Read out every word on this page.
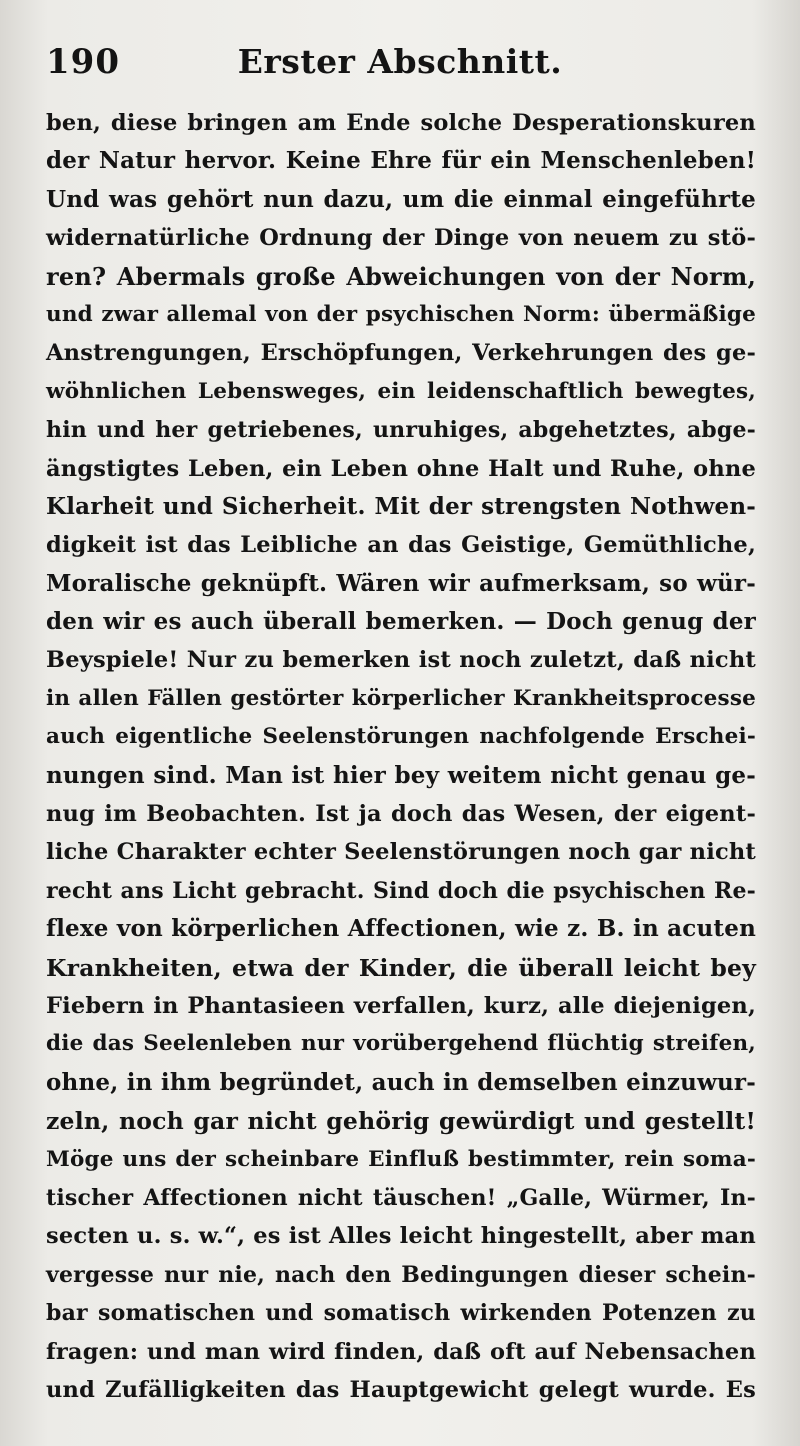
190	Erster Abschnitt.
ben, diese bringen am Ende solche Desperationskuren
der Natur hervor. Keine Ehre für ein Menschenleben!
Und was gehört nun dazu, um die einmal eingeführte
widernatürliche Ordnung der Dinge von neuem zu stö-
ren? Abermals große Abweichungen von der Norm,
und zwar allemal von der psychischen Norm: übermäßige
Anstrengungen, Erschöpfungen, Verkehrungen des ge-
wöhnlichen Lebensweges, ein leidenschaftlich bewegtes,
hin und her getriebenes, unruhiges, abgehetztes, abge-
ängstigtes Leben, ein Leben ohne Halt und Ruhe, ohne
Klarheit und Sicherheit. Mit der strengsten Nothwen-
digkeit ist das Leibliche an das Geistige, Gemüthliche,
Moralische geknüpft. Wären wir aufmerksam, so wür-
den wir es auch überall bemerken. — Doch genug der
Beyspiele! Nur zu bemerken ist noch zuletzt, daß nicht
in allen Fällen gestörter körperlicher Krankheitsprocesse
auch eigentliche Seelenstörungen nachfolgende Erschei-
nungen sind. Man ist hier bey weitem nicht genau ge-
nug im Beobachten. Ist ja doch das Wesen, der eigent-
liche Charakter echter Seelenstörungen noch gar nicht
recht ans Licht gebracht. Sind doch die psychischen Re-
flexe von körperlichen Affectionen, wie z. B. in acuten
Krankheiten, etwa der Kinder, die überall leicht bey
Fiebern in Phantasieen verfallen, kurz, alle diejenigen,
die das Seelenleben nur vorübergehend flüchtig streifen,
ohne, in ihm begründet, auch in demselben einzuwur-
zeln, noch gar nicht gehörig gewürdigt und gestellt!
Möge uns der scheinbare Einfluß bestimmter, rein soma-
tischer Affectionen nicht täuschen! „Galle, Würmer, In-
secten u. s. w.“, es ist Alles leicht hingestellt, aber man
vergesse nur nie, nach den Bedingungen dieser schein-
bar somatischen und somatisch wirkenden Potenzen zu
fragen: und man wird finden, daß oft auf Nebensachen
und Zufälligkeiten das Hauptgewicht gelegt wurde. Es
